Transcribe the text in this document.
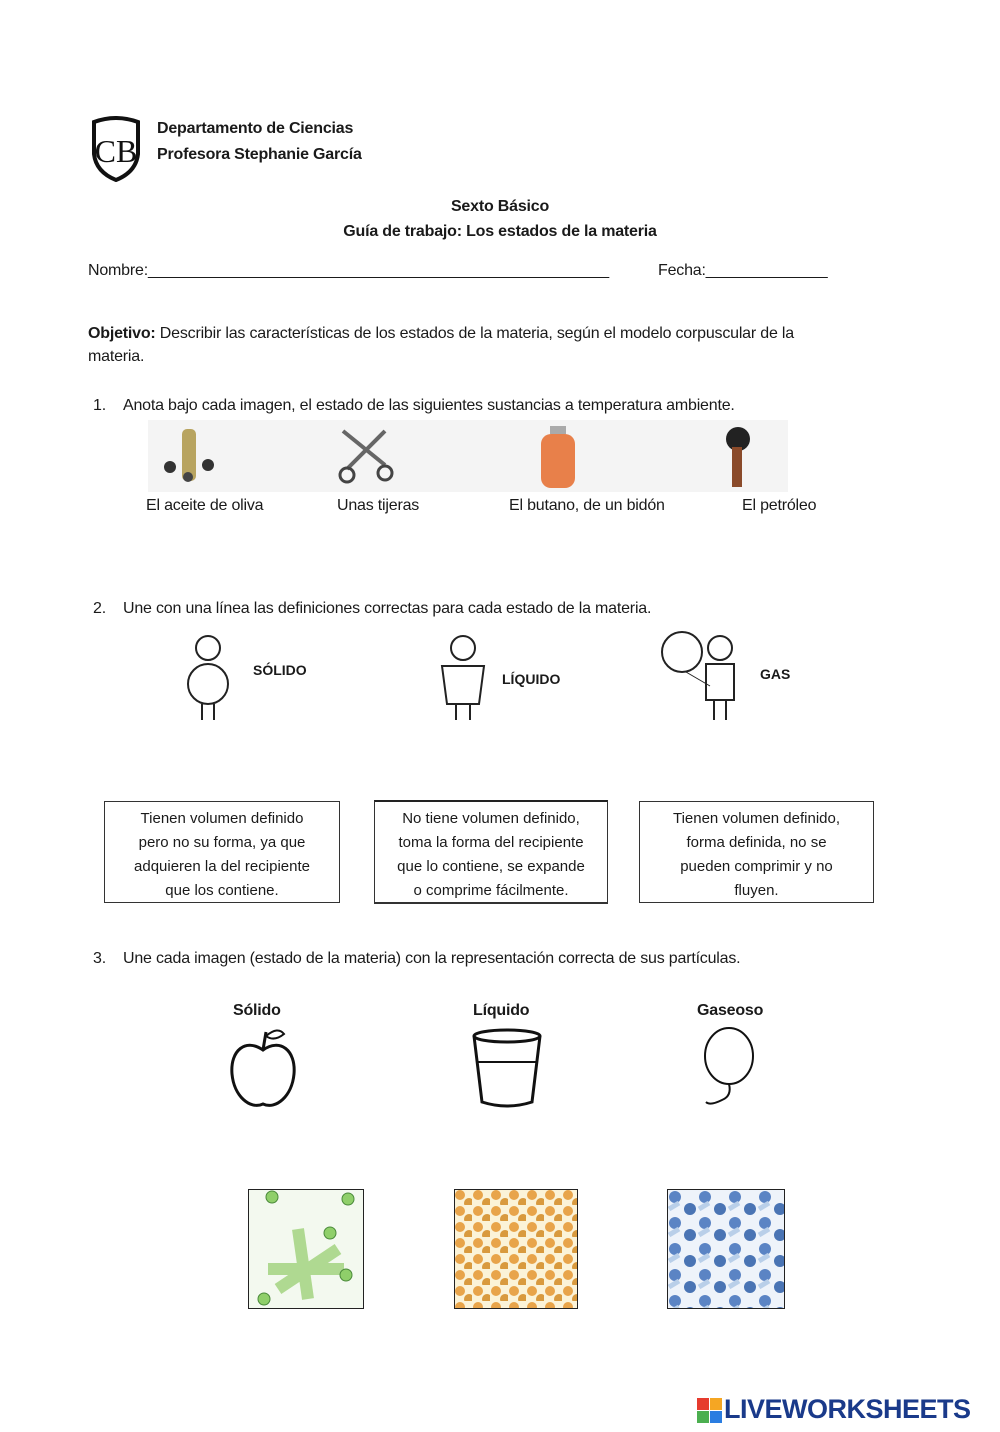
CB
Departamento de Ciencias
Profesora Stephanie García
Sexto Básico
Guía de trabajo: Los estados de la materia
Nombre:_____________________________________________________	Fecha:______________
Objetivo: Describir las características de los estados de la materia, según el modelo corpuscular de la
materia.
1. Anota bajo cada imagen, el estado de las siguientes sustancias a temperatura ambiente.
El aceite de oliva	Unas tijeras	El butano, de un bidón	El petróleo
2. Une con una línea las definiciones correctas para cada estado de la materia.
SÓLIDO
LÍQUIDO	GAS
Tienen volumen definido
pero no su forma, ya que
adquieren la del recipiente
que los contiene.
No tiene volumen definido,
toma la forma del recipiente
que lo contiene, se expande
o comprime fácilmente.
Tienen volumen definido,
forma definida, no se
pueden comprimir y no
fluyen.
3. Une cada imagen (estado de la materia) con la representación correcta de sus partículas.
Sólido	Líquido	Gaseoso
LIVEWORKSHEETS
